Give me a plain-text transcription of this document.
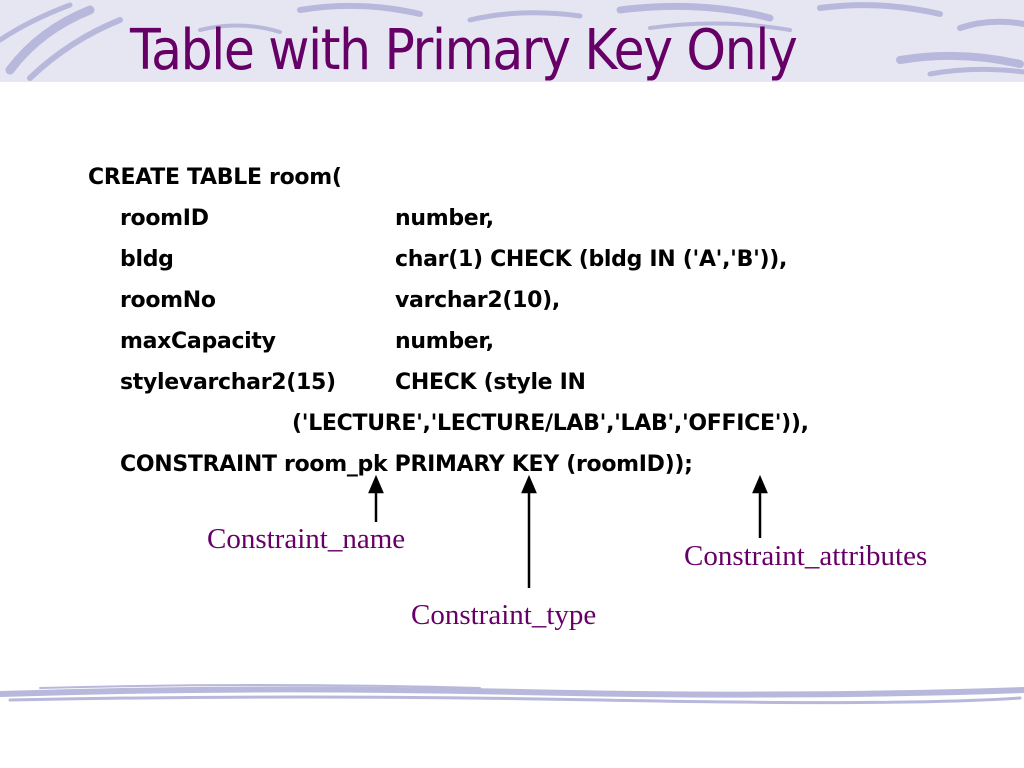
Table with Primary Key Only
CREATE TABLE room(
roomID	number,
bldg	char(1) CHECK (bldg IN ('A','B')),
roomNo	varchar2(10),
maxCapacity	number,
stylevarchar2(15)	CHECK (style IN
('LECTURE','LECTURE/LAB','LAB','OFFICE')),
CONSTRAINT room_pk PRIMARY KEY (roomID));
Constraint_name
Constraint_type
Constraint_attributes
